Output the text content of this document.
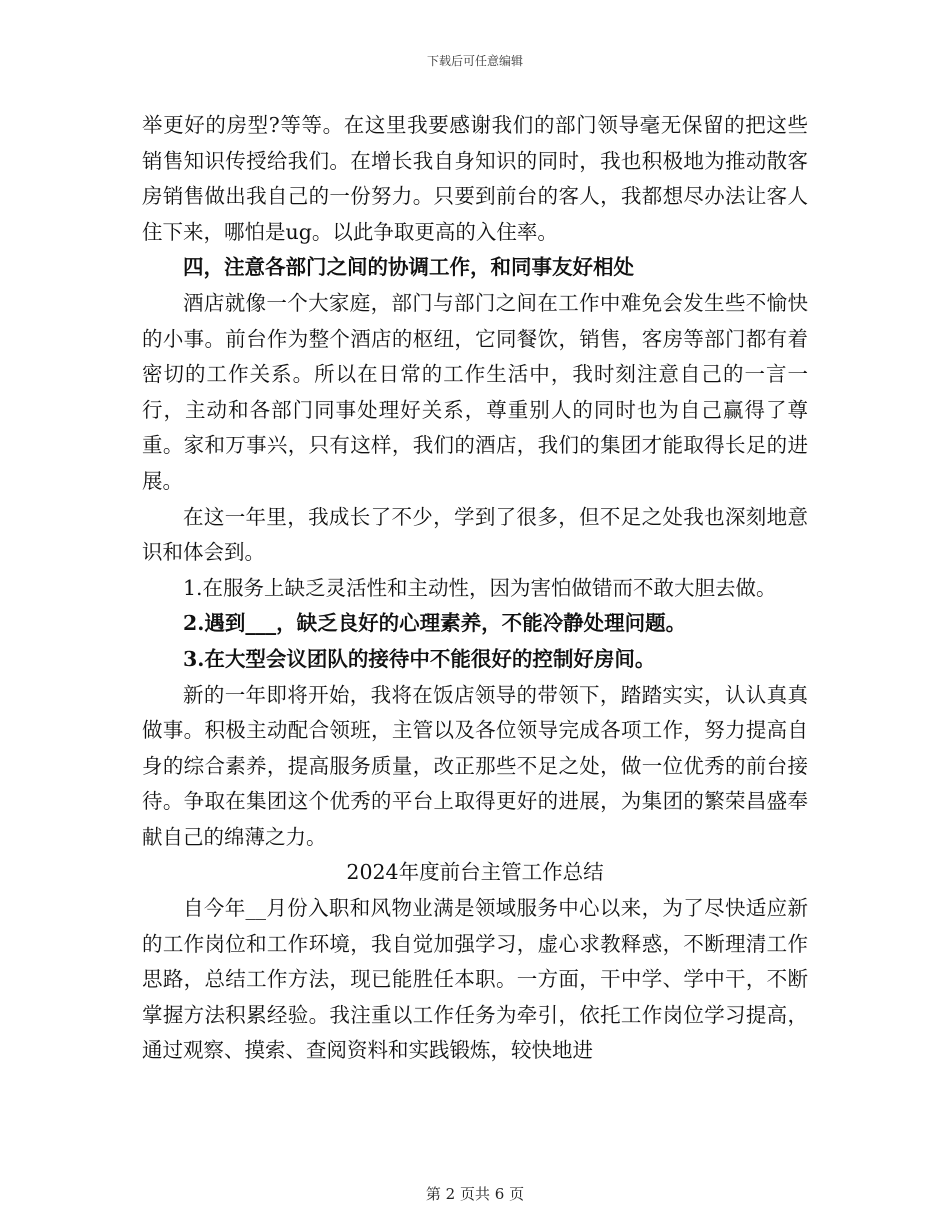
下载后可任意编辑

举更好的房型?等等。在这里我要感谢我们的部门领导毫无保留的把这些销售知识传授给我们。在增长我自身知识的同时，我也积极地为推动散客房销售做出我自己的一份努力。只要到前台的客人，我都想尽办法让客人住下来，哪怕是ug。以此争取更高的入住率。

四，注意各部门之间的协调工作，和同事友好相处

酒店就像一个大家庭，部门与部门之间在工作中难免会发生些不愉快的小事。前台作为整个酒店的枢纽，它同餐饮，销售，客房等部门都有着密切的工作关系。所以在日常的工作生活中，我时刻注意自己的一言一行，主动和各部门同事处理好关系，尊重别人的同时也为自己赢得了尊重。家和万事兴，只有这样，我们的酒店，我们的集团才能取得长足的进展。

在这一年里，我成长了不少，学到了很多，但不足之处我也深刻地意识和体会到。

1.在服务上缺乏灵活性和主动性，因为害怕做错而不敢大胆去做。

2.遇到___，缺乏良好的心理素养，不能冷静处理问题。

3.在大型会议团队的接待中不能很好的控制好房间。

新的一年即将开始，我将在饭店领导的带领下，踏踏实实，认认真真做事。积极主动配合领班，主管以及各位领导完成各项工作，努力提高自身的综合素养，提高服务质量，改正那些不足之处，做一位优秀的前台接待。争取在集团这个优秀的平台上取得更好的进展，为集团的繁荣昌盛奉献自己的绵薄之力。

2024年度前台主管工作总结

自今年__月份入职和风物业满是领域服务中心以来，为了尽快适应新的工作岗位和工作环境，我自觉加强学习，虚心求教释惑，不断理清工作思路，总结工作方法，现已能胜任本职。一方面，干中学、学中干，不断掌握方法积累经验。我注重以工作任务为牵引，依托工作岗位学习提高，通过观察、摸索、查阅资料和实践锻炼，较快地进

第 2 页共 6 页
